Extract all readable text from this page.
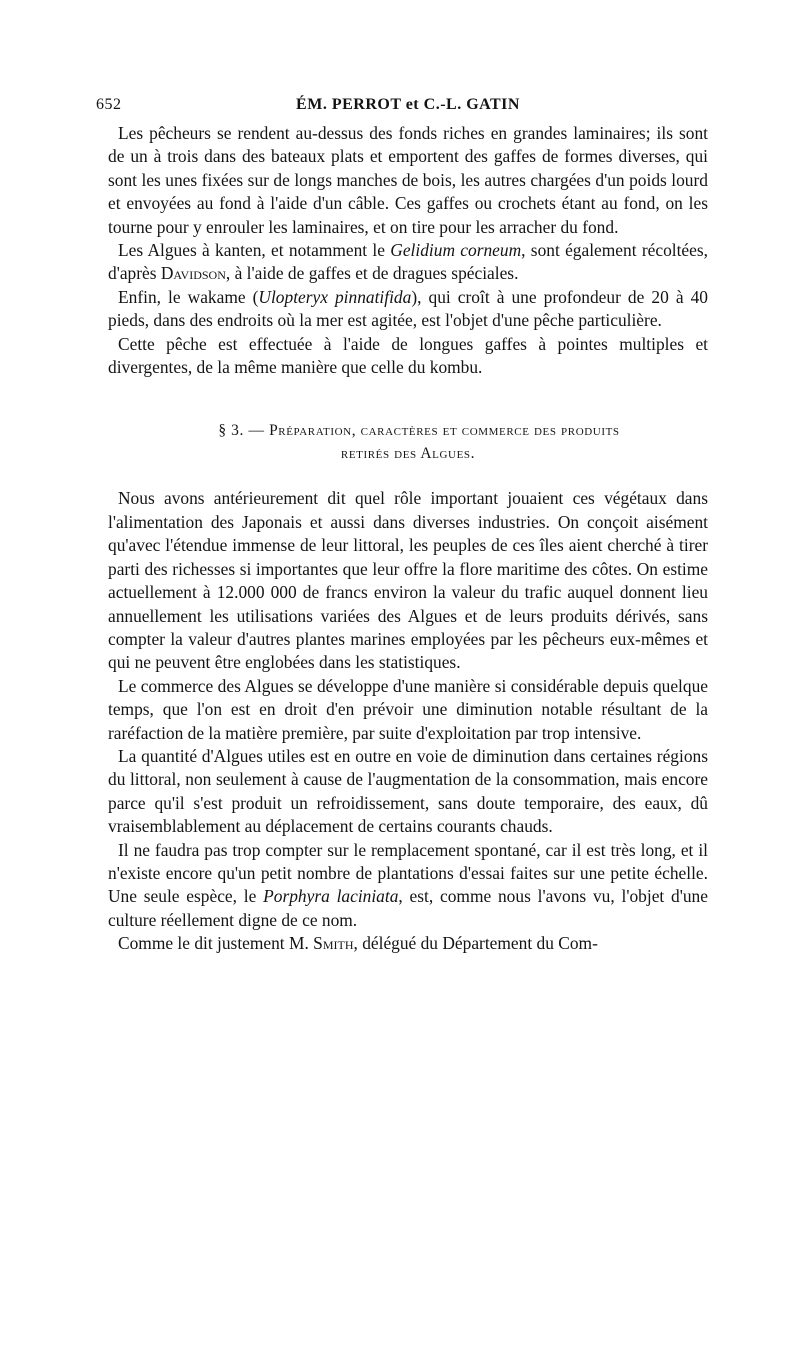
652	ÉM. PERROT et C.-L. GATIN

Les pêcheurs se rendent au-dessus des fonds riches en grandes laminaires; ils sont de un à trois dans des bateaux plats et emportent des gaffes de formes diverses, qui sont les unes fixées sur de longs manches de bois, les autres chargées d'un poids lourd et envoyées au fond à l'aide d'un câble. Ces gaffes ou crochets étant au fond, on les tourne pour y enrouler les laminaires, et on tire pour les arracher du fond.

Les Algues à kanten, et notamment le Gelidium corneum, sont également récoltées, d'après Davidson, à l'aide de gaffes et de dragues spéciales.

Enfin, le wakame (Ulopteryx pinnatifida), qui croît à une profondeur de 20 à 40 pieds, dans des endroits où la mer est agitée, est l'objet d'une pêche particulière.

Cette pêche est effectuée à l'aide de longues gaffes à pointes multiples et divergentes, de la même manière que celle du kombu.

§ 3. — Préparation, caractères et commerce des produits
retirés des Algues.

Nous avons antérieurement dit quel rôle important jouaient ces végétaux dans l'alimentation des Japonais et aussi dans diverses industries. On conçoit aisément qu'avec l'étendue immense de leur littoral, les peuples de ces îles aient cherché à tirer parti des richesses si importantes que leur offre la flore maritime des côtes. On estime actuellement à 12.000 000 de francs environ la valeur du trafic auquel donnent lieu annuellement les utilisations variées des Algues et de leurs produits dérivés, sans compter la valeur d'autres plantes marines employées par les pêcheurs eux-mêmes et qui ne peuvent être englobées dans les statistiques.

Le commerce des Algues se développe d'une manière si considérable depuis quelque temps, que l'on est en droit d'en prévoir une diminution notable résultant de la raréfaction de la matière première, par suite d'exploitation par trop intensive.

La quantité d'Algues utiles est en outre en voie de diminution dans certaines régions du littoral, non seulement à cause de l'augmentation de la consommation, mais encore parce qu'il s'est produit un refroidissement, sans doute temporaire, des eaux, dû vraisemblablement au déplacement de certains courants chauds.

Il ne faudra pas trop compter sur le remplacement spontané, car il est très long, et il n'existe encore qu'un petit nombre de plantations d'essai faites sur une petite échelle. Une seule espèce, le Porphyra laciniata, est, comme nous l'avons vu, l'objet d'une culture réellement digne de ce nom.

Comme le dit justement M. Smith, délégué du Département du Com-
